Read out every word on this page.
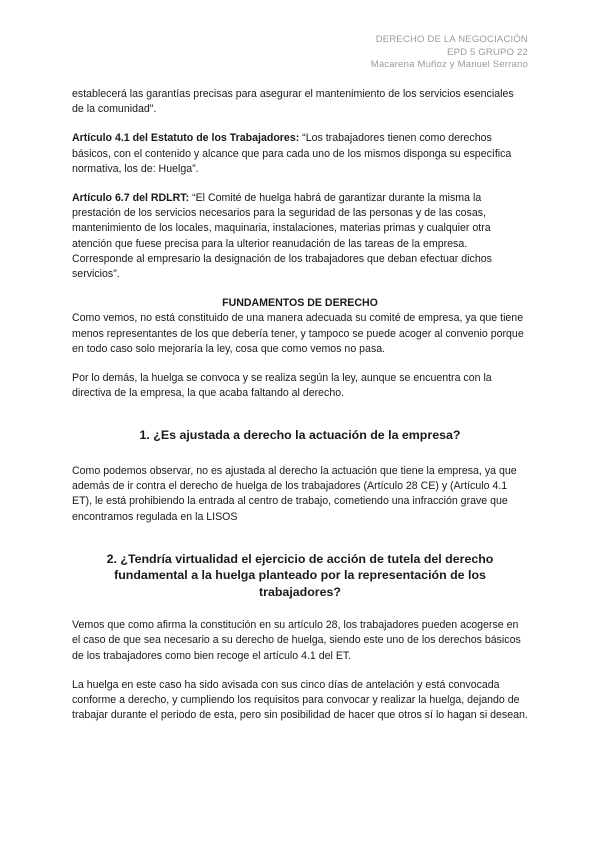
DERECHO DE LA NEGOCIACIÓN
EPD 5 GRUPO 22
Macarena Muñoz y Manuel Serrano

establecerá las garantías precisas para asegurar el mantenimiento de los servicios esenciales de la comunidad".

Artículo 4.1 del Estatuto de los Trabajadores: “Los trabajadores tienen como derechos básicos, con el contenido y alcance que para cada uno de los mismos disponga su específica normativa, los de: Huelga”.

Artículo 6.7 del RDLRT: “El Comité de huelga habrá de garantizar durante la misma la prestación de los servicios necesarios para la seguridad de las personas y de las cosas, mantenimiento de los locales, maquinaria, instalaciones, materias primas y cualquier otra atención que fuese precisa para la ulterior reanudación de las tareas de la empresa. Corresponde al empresario la designación de los trabajadores que deban efectuar dichos servicios”.

FUNDAMENTOS DE DERECHO

Como vemos, no está constituido de una manera adecuada su comité de empresa, ya que tiene menos representantes de los que debería tener, y tampoco se puede acoger al convenio porque en todo caso solo mejoraría la ley, cosa que como vemos no pasa.

Por lo demás, la huelga se convoca y se realiza según la ley, aunque se encuentra con la directiva de la empresa, la que acaba faltando al derecho.

1. ¿Es ajustada a derecho la actuación de la empresa?

Como podemos observar, no es ajustada al derecho la actuación que tiene la empresa, ya que además de ir contra el derecho de huelga de los trabajadores (Artículo 28 CE) y (Artículo 4.1 ET), le está prohibiendo la entrada al centro de trabajo, cometiendo una infracción grave que encontramos regulada en la LISOS

2. ¿Tendría virtualidad el ejercicio de acción de tutela del derecho fundamental a la huelga planteado por la representación de los trabajadores?

Vemos que como afirma la constitución en su artículo 28, los trabajadores pueden acogerse en el caso de que sea necesario a su derecho de huelga, siendo este uno de los derechos básicos de los trabajadores como bien recoge el artículo 4.1 del ET.

La huelga en este caso ha sido avisada con sus cinco días de antelación y está convocada conforme a derecho, y cumpliendo los requisitos para convocar y realizar la huelga, dejando de trabajar durante el periodo de esta, pero sin posibilidad de hacer que otros sí lo hagan si desean.
